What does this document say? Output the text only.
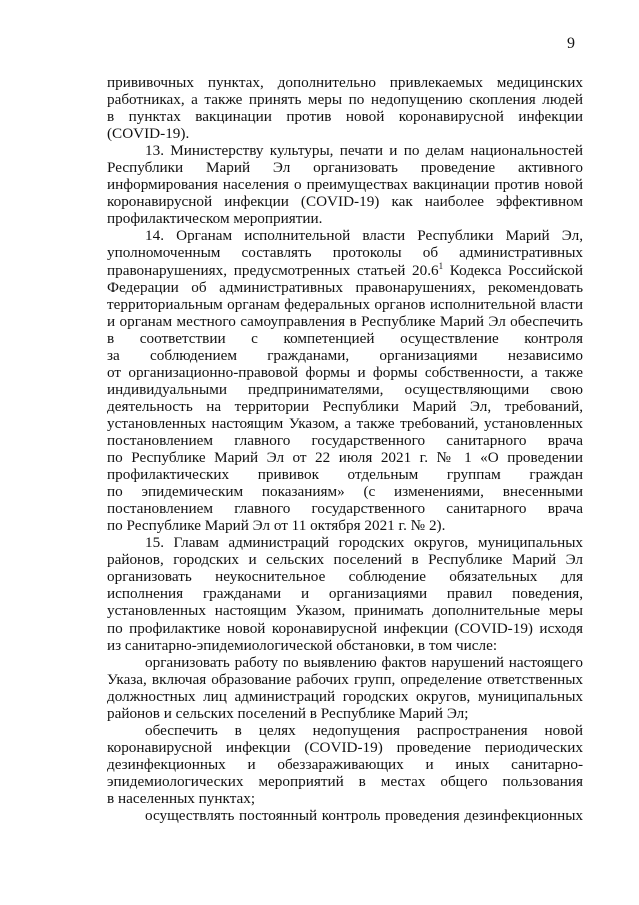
9
прививочных пунктах, дополнительно привлекаемых медицинских
работниках, а также принять меры по недопущению скопления людей
в пунктах вакцинации против новой коронавирусной инфекции
(COVID-19).
13. Министерству культуры, печати и по делам национальностей
Республики Марий Эл организовать проведение активного
информирования населения о преимуществах вакцинации против новой
коронавирусной инфекции (COVID-19) как наиболее эффективном
профилактическом мероприятии.
14. Органам исполнительной власти Республики Марий Эл,
уполномоченным составлять протоколы об административных
правонарушениях, предусмотренных статьей 20.6$^1$ Кодекса Российской
Федерации об административных правонарушениях, рекомендовать
территориальным органам федеральных органов исполнительной власти
и органам местного самоуправления в Республике Марий Эл обеспечить
в соответствии с компетенцией осуществление контроля
за соблюдением гражданами, организациями независимо
от организационно-правовой формы и формы собственности, а также
индивидуальными предпринимателями, осуществляющими свою
деятельность на территории Республики Марий Эл, требований,
установленных настоящим Указом, а также требований, установленных
постановлением главного государственного санитарного врача
по Республике Марий Эл от 22 июля 2021 г. № 1 «О проведении
профилактических прививок отдельным группам граждан
по эпидемическим показаниям» (с изменениями, внесенными
постановлением главного государственного санитарного врача
по Республике Марий Эл от 11 октября 2021 г. № 2).
15. Главам администраций городских округов, муниципальных
районов, городских и сельских поселений в Республике Марий Эл
организовать неукоснительное соблюдение обязательных для
исполнения гражданами и организациями правил поведения,
установленных настоящим Указом, принимать дополнительные меры
по профилактике новой коронавирусной инфекции (COVID-19) исходя
из санитарно-эпидемиологической обстановки, в том числе:
организовать работу по выявлению фактов нарушений настоящего
Указа, включая образование рабочих групп, определение ответственных
должностных лиц администраций городских округов, муниципальных
районов и сельских поселений в Республике Марий Эл;
обеспечить в целях недопущения распространения новой
коронавирусной инфекции (COVID-19) проведение периодических
дезинфекционных и обеззараживающих и иных санитарно-
эпидемиологических мероприятий в местах общего пользования
в населенных пунктах;
осуществлять постоянный контроль проведения дезинфекционных
